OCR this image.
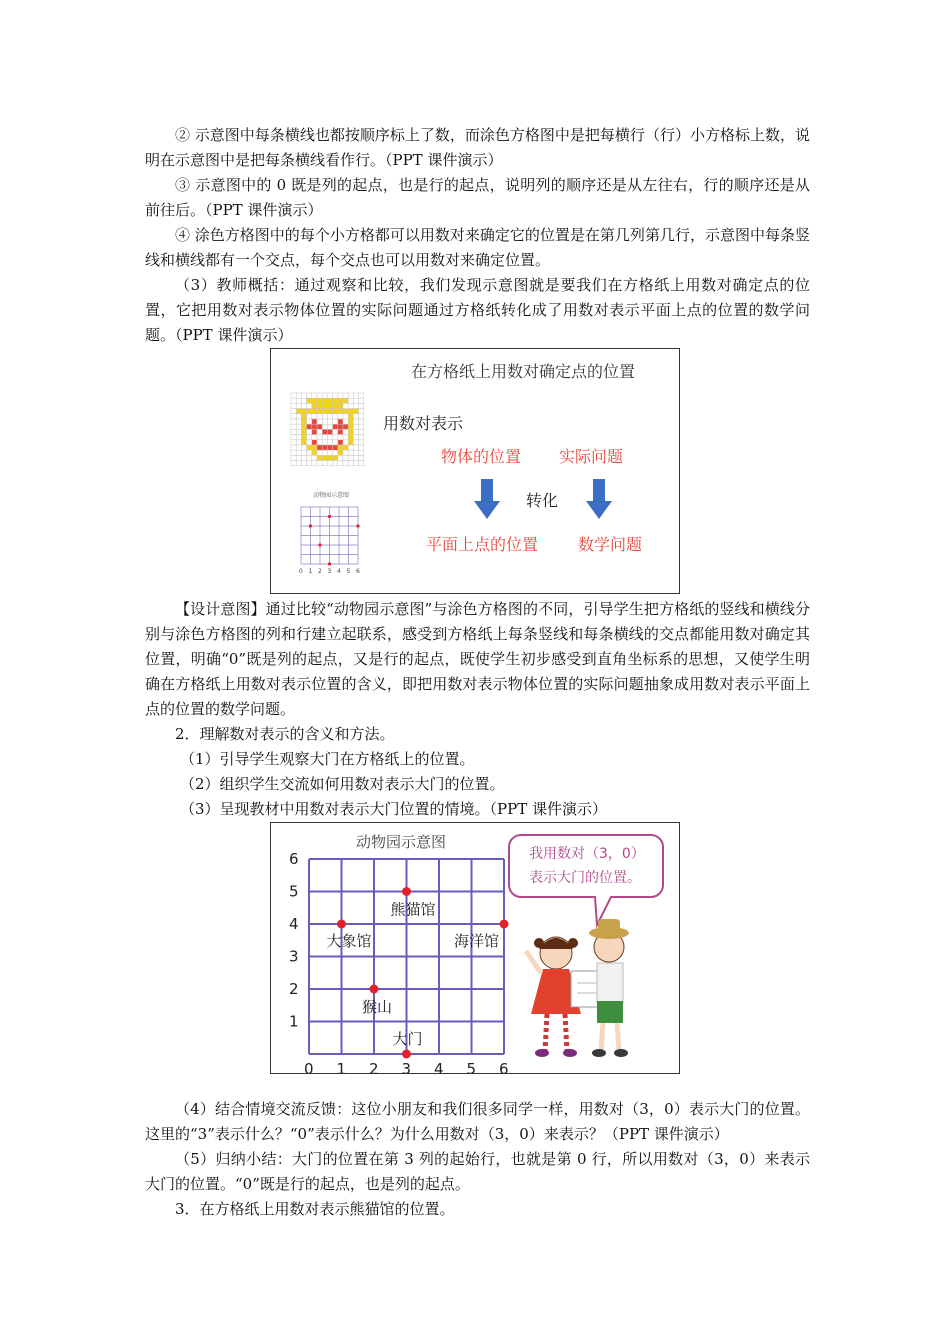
② 示意图中每条横线也都按顺序标上了数，而涂色方格图中是把每横行（行）小方格标上数，说明在示意图中是把每条横线看作行。（PPT 课件演示）

③ 示意图中的 0 既是列的起点，也是行的起点，说明列的顺序还是从左往右，行的顺序还是从前往后。（PPT 课件演示）

④ 涂色方格图中的每个小方格都可以用数对来确定它的位置是在第几列第几行，示意图中每条竖线和横线都有一个交点，每个交点也可以用数对来确定位置。

（3）教师概括：通过观察和比较，我们发现示意图就是要我们在方格纸上用数对确定点的位置，它把用数对表示物体位置的实际问题通过方格纸转化成了用数对表示平面上点的位置的数学问题。（PPT 课件演示）

在方格纸上用数对确定点的位置
动物园示意图
0 1 2 3 4 5 6
用数对表示
物体的位置 实际问题
转化
平面上点的位置 数学问题

【设计意图】通过比较“动物园示意图”与涂色方格图的不同，引导学生把方格纸的竖线和横线分别与涂色方格图的列和行建立起联系，感受到方格纸上每条竖线和每条横线的交点都能用数对确定其位置，明确“0”既是列的起点，又是行的起点，既使学生初步感受到直角坐标系的思想，又使学生明确在方格纸上用数对表示位置的含义，即把用数对表示物体位置的实际问题抽象成用数对表示平面上点的位置的数学问题。

2．理解数对表示的含义和方法。

（1）引导学生观察大门在方格纸上的位置。

（2）组织学生交流如何用数对表示大门的位置。

（3）呈现教材中用数对表示大门位置的情境。（PPT 课件演示）

动物园示意图
0 1 2 3 4 5 6
1
2
3
4
5
6
熊猫馆
大象馆	海洋馆
猴山
大门
我用数对（3，0）
表示大门的位置。

（4）结合情境交流反馈：这位小朋友和我们很多同学一样，用数对（3，0）表示大门的位置。这里的“3”表示什么？“0”表示什么？为什么用数对（3，0）来表示？（PPT 课件演示）

（5）归纳小结：大门的位置在第 3 列的起始行，也就是第 0 行，所以用数对（3，0）来表示大门的位置。“0”既是行的起点，也是列的起点。

3．在方格纸上用数对表示熊猫馆的位置。
